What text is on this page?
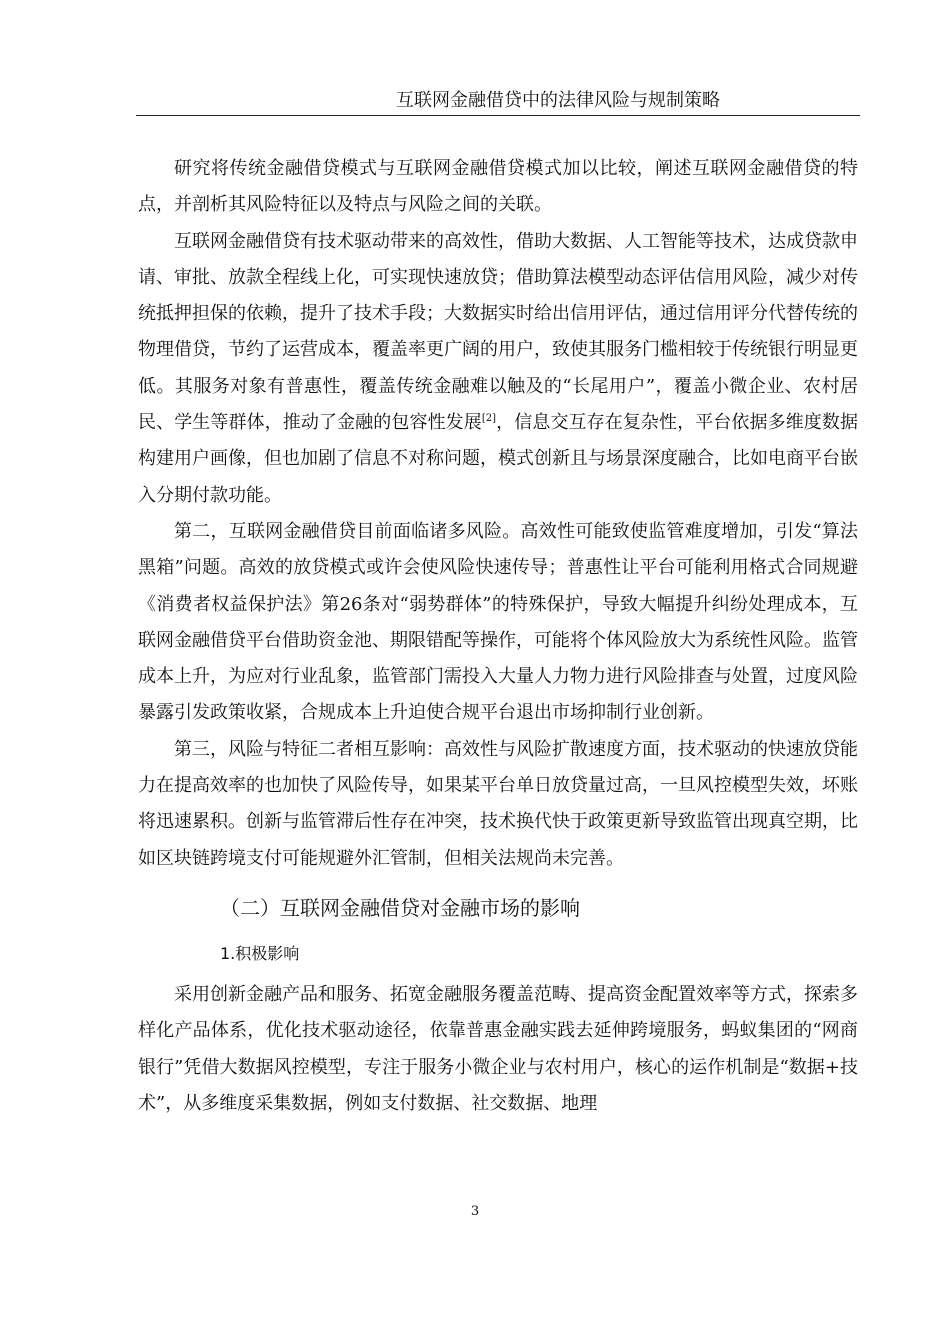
互联网金融借贷中的法律风险与规制策略

研究将传统金融借贷模式与互联网金融借贷模式加以比较，阐述互联网金融借贷的特点，并剖析其风险特征以及特点与风险之间的关联。

互联网金融借贷有技术驱动带来的高效性，借助大数据、人工智能等技术，达成贷款申请、审批、放款全程线上化，可实现快速放贷；借助算法模型动态评估信用风险，减少对传统抵押担保的依赖，提升了技术手段；大数据实时给出信用评估，通过信用评分代替传统的物理借贷，节约了运营成本，覆盖率更广阔的用户，致使其服务门槛相较于传统银行明显更低。其服务对象有普惠性，覆盖传统金融难以触及的“长尾用户”，覆盖小微企业、农村居民、学生等群体，推动了金融的包容性发展[2]，信息交互存在复杂性，平台依据多维度数据构建用户画像，但也加剧了信息不对称问题，模式创新且与场景深度融合，比如电商平台嵌入分期付款功能。

第二，互联网金融借贷目前面临诸多风险。高效性可能致使监管难度增加，引发“算法黑箱”问题。高效的放贷模式或许会使风险快速传导；普惠性让平台可能利用格式合同规避《消费者权益保护法》第26条对“弱势群体”的特殊保护，导致大幅提升纠纷处理成本，互联网金融借贷平台借助资金池、期限错配等操作，可能将个体风险放大为系统性风险。监管成本上升，为应对行业乱象，监管部门需投入大量人力物力进行风险排查与处置，过度风险暴露引发政策收紧，合规成本上升迫使合规平台退出市场抑制行业创新。

第三，风险与特征二者相互影响：高效性与风险扩散速度方面，技术驱动的快速放贷能力在提高效率的也加快了风险传导，如果某平台单日放贷量过高，一旦风控模型失效，坏账将迅速累积。创新与监管滞后性存在冲突，技术换代快于政策更新导致监管出现真空期，比如区块链跨境支付可能规避外汇管制，但相关法规尚未完善。

（二）互联网金融借贷对金融市场的影响
1.积极影响

采用创新金融产品和服务、拓宽金融服务覆盖范畴、提高资金配置效率等方式，探索多样化产品体系，优化技术驱动途径，依靠普惠金融实践去延伸跨境服务，蚂蚁集团的“网商银行”凭借大数据风控模型，专注于服务小微企业与农村用户，核心的运作机制是“数据+技术”，从多维度采集数据，例如支付数据、社交数据、地理

3
